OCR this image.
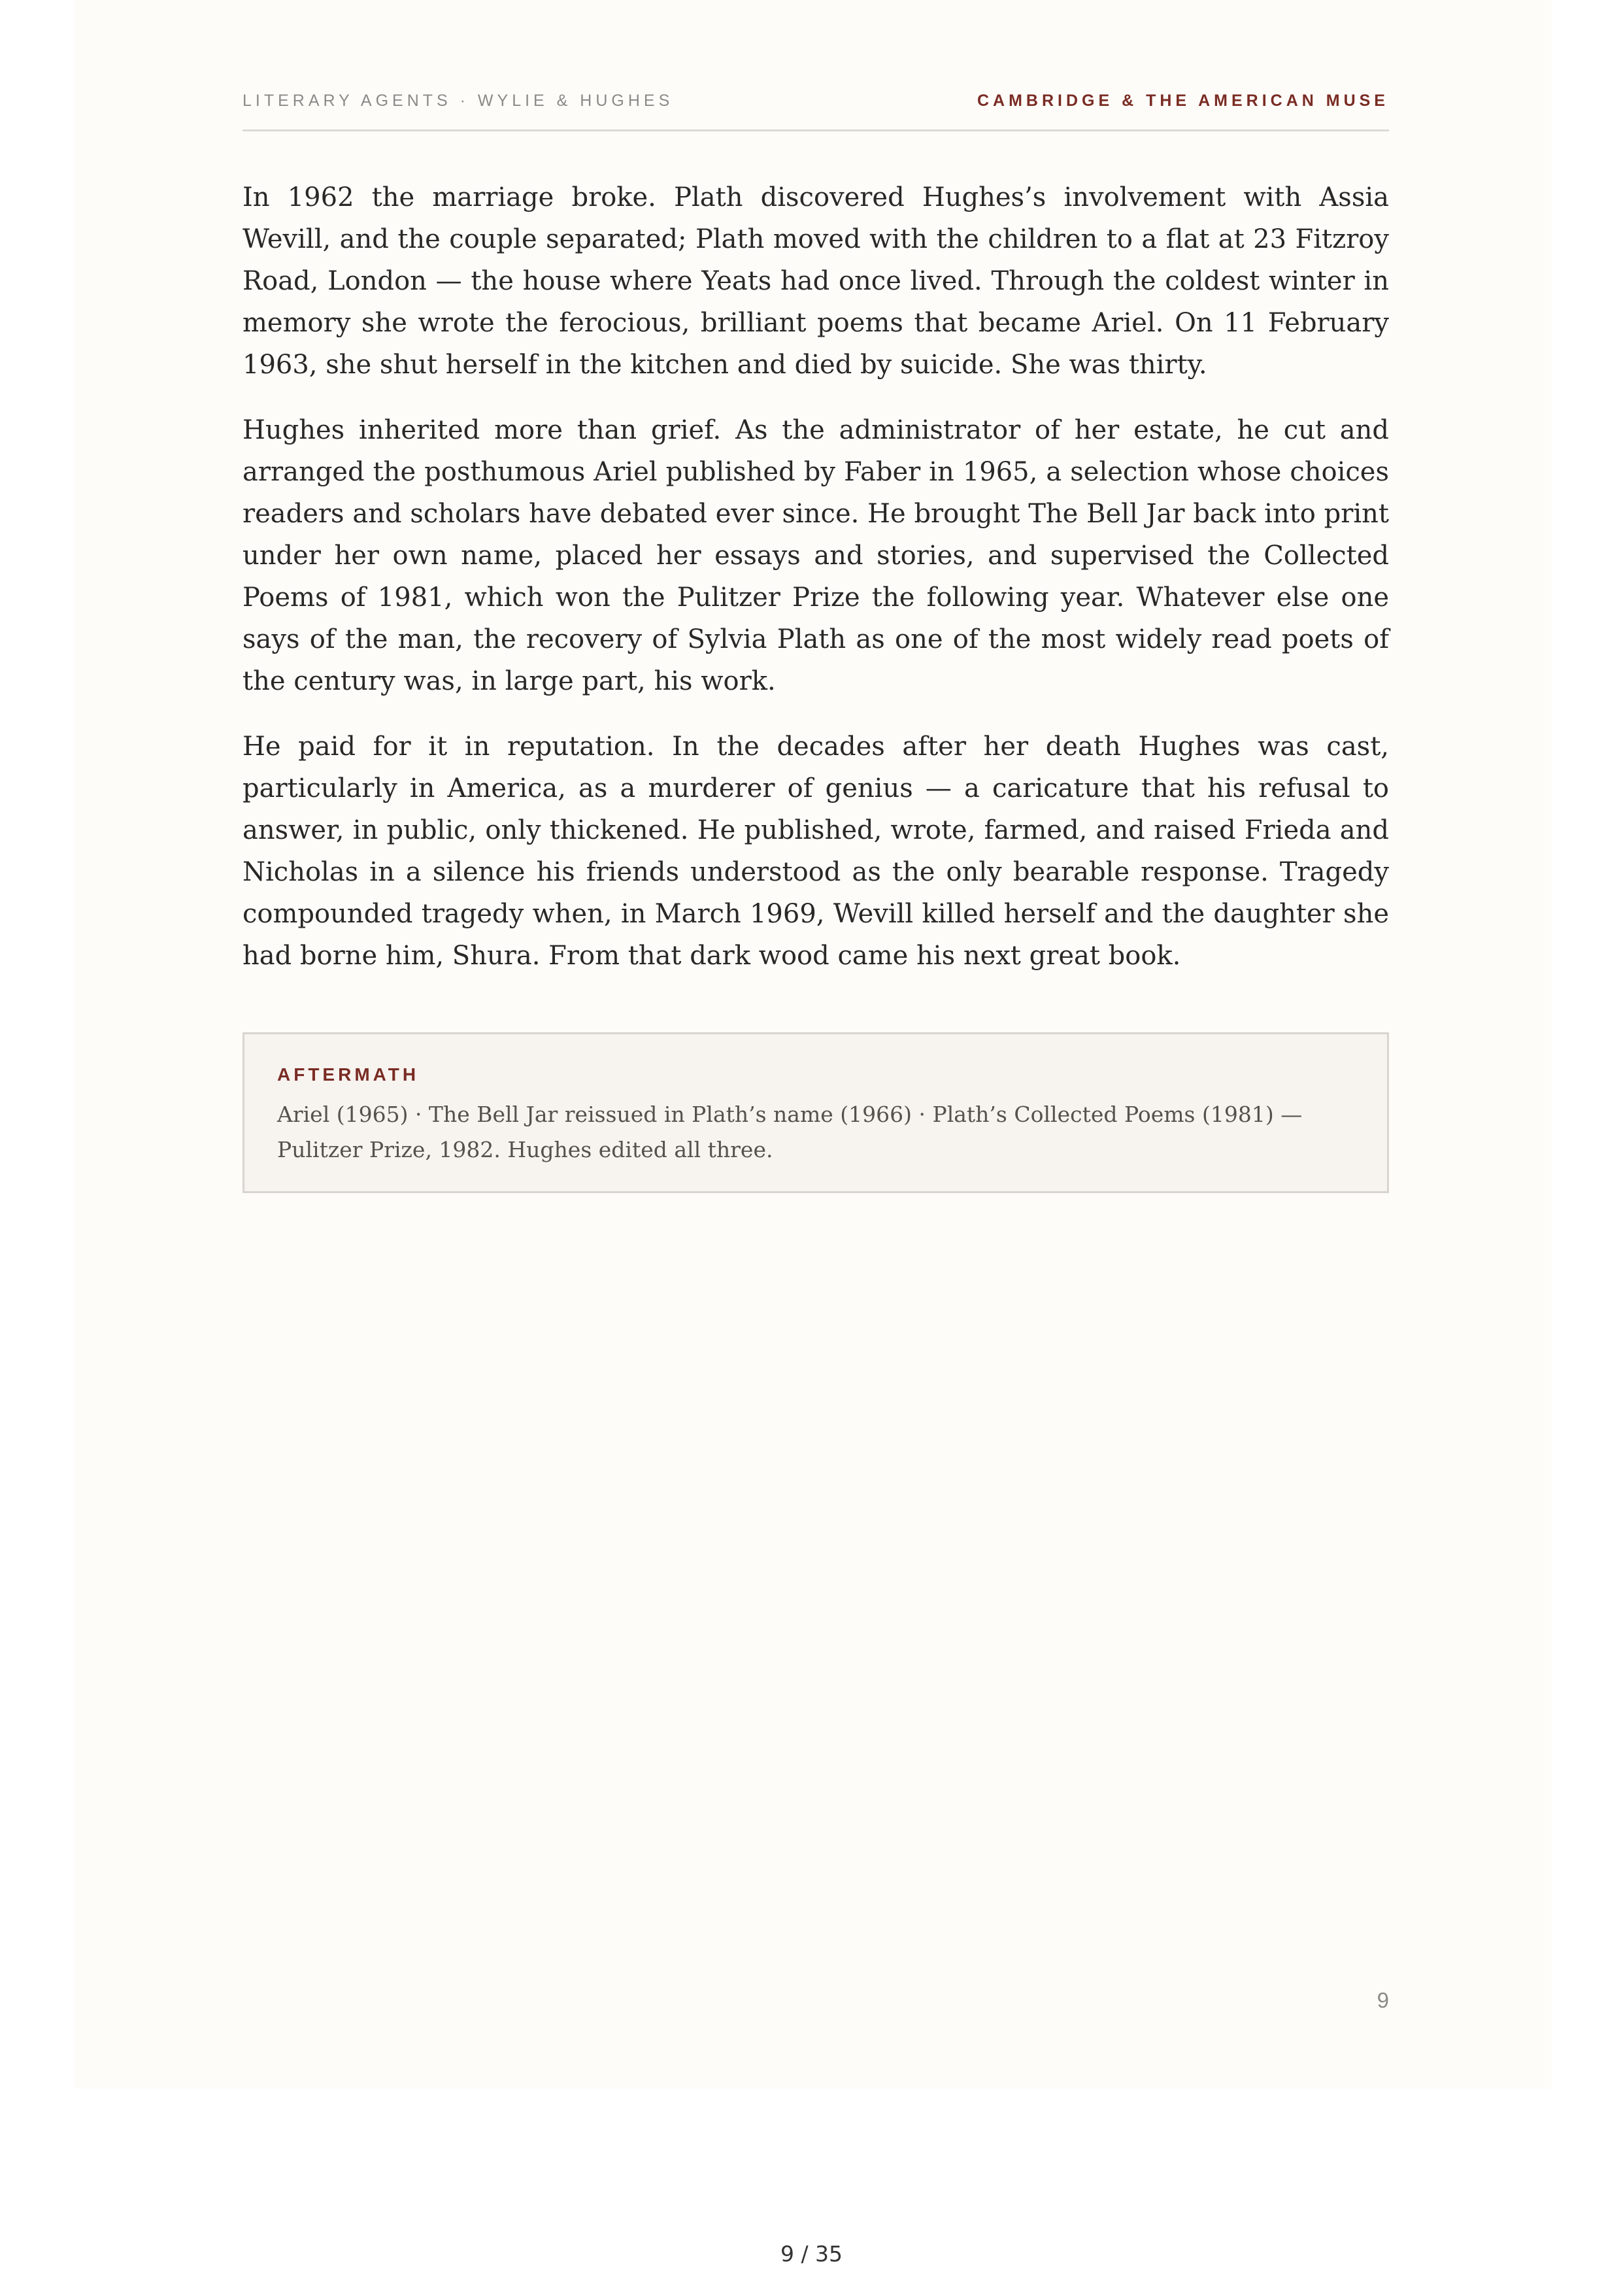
LITERARY AGENTS · WYLIE & HUGHES	CAMBRIDGE & THE AMERICAN MUSE

In 1962 the marriage broke. Plath discovered Hughes’s involvement with Assia Wevill, and the couple separated; Plath moved with the children to a flat at 23 Fitzroy Road, London — the house where Yeats had once lived. Through the coldest winter in memory she wrote the ferocious, brilliant poems that became Ariel. On 11 February 1963, she shut herself in the kitchen and died by suicide. She was thirty.

Hughes inherited more than grief. As the administrator of her estate, he cut and arranged the posthumous Ariel published by Faber in 1965, a selection whose choices readers and scholars have debated ever since. He brought The Bell Jar back into print under her own name, placed her essays and stories, and supervised the Collected Poems of 1981, which won the Pulitzer Prize the following year. Whatever else one says of the man, the recovery of Sylvia Plath as one of the most widely read poets of the century was, in large part, his work.

He paid for it in reputation. In the decades after her death Hughes was cast, particularly in America, as a murderer of genius — a caricature that his refusal to answer, in public, only thickened. He published, wrote, farmed, and raised Frieda and Nicholas in a silence his friends understood as the only bearable response. Tragedy compounded tragedy when, in March 1969, Wevill killed herself and the daughter she had borne him, Shura. From that dark wood came his next great book.

AFTERMATH
Ariel (1965) · The Bell Jar reissued in Plath’s name (1966) · Plath’s Collected Poems (1981) — Pulitzer Prize, 1982. Hughes edited all three.
9
9 / 35
